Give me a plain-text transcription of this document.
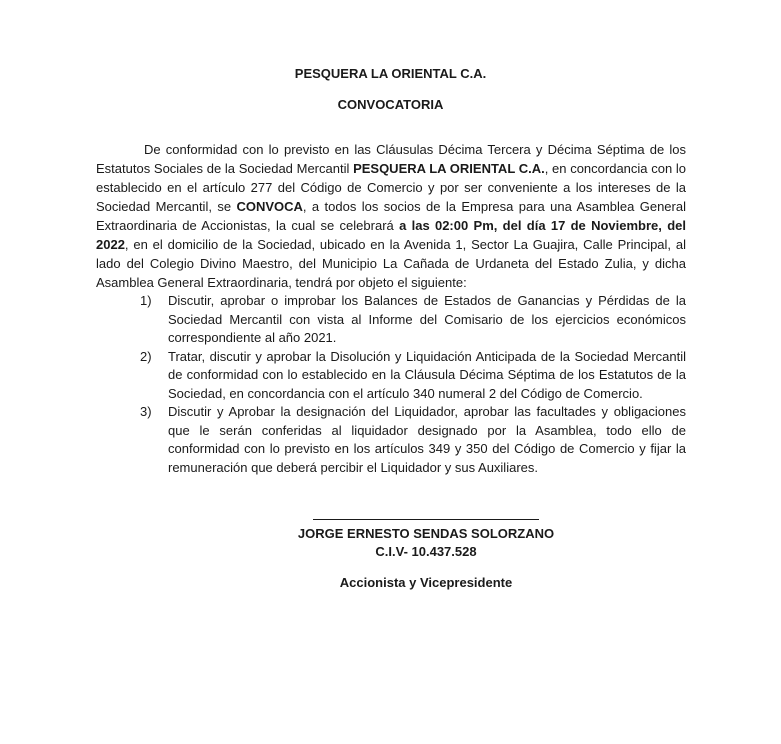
PESQUERA LA ORIENTAL C.A.
CONVOCATORIA

De conformidad con lo previsto en las Cláusulas Décima Tercera y Décima Séptima de los Estatutos Sociales de la Sociedad Mercantil PESQUERA LA ORIENTAL C.A., en concordancia con lo establecido en el artículo 277 del Código de Comercio y por ser conveniente a los intereses de la Sociedad Mercantil, se CONVOCA, a todos los socios de la Empresa para una Asamblea General Extraordinaria de Accionistas, la cual se celebrará a las 02:00 Pm, del día 17 de Noviembre, del 2022, en el domicilio de la Sociedad, ubicado en la Avenida 1, Sector La Guajira, Calle Principal, al lado del Colegio Divino Maestro, del Municipio La Cañada de Urdaneta del Estado Zulia, y dicha Asamblea General Extraordinaria, tendrá por objeto el siguiente:

1) Discutir, aprobar o improbar los Balances de Estados de Ganancias y Pérdidas de la Sociedad Mercantil con vista al Informe del Comisario de los ejercicios económicos correspondiente al año 2021.
2) Tratar, discutir y aprobar la Disolución y Liquidación Anticipada de la Sociedad Mercantil de conformidad con lo establecido en la Cláusula Décima Séptima de los Estatutos de la Sociedad, en concordancia con el artículo 340 numeral 2 del Código de Comercio.
3) Discutir y Aprobar la designación del Liquidador, aprobar las facultades y obligaciones que le serán conferidas al liquidador designado por la Asamblea, todo ello de conformidad con lo previsto en los artículos 349 y 350 del Código de Comercio y fijar la remuneración que deberá percibir el Liquidador y sus Auxiliares.
JORGE ERNESTO SENDAS SOLORZANO
C.I.V- 10.437.528
Accionista y Vicepresidente
